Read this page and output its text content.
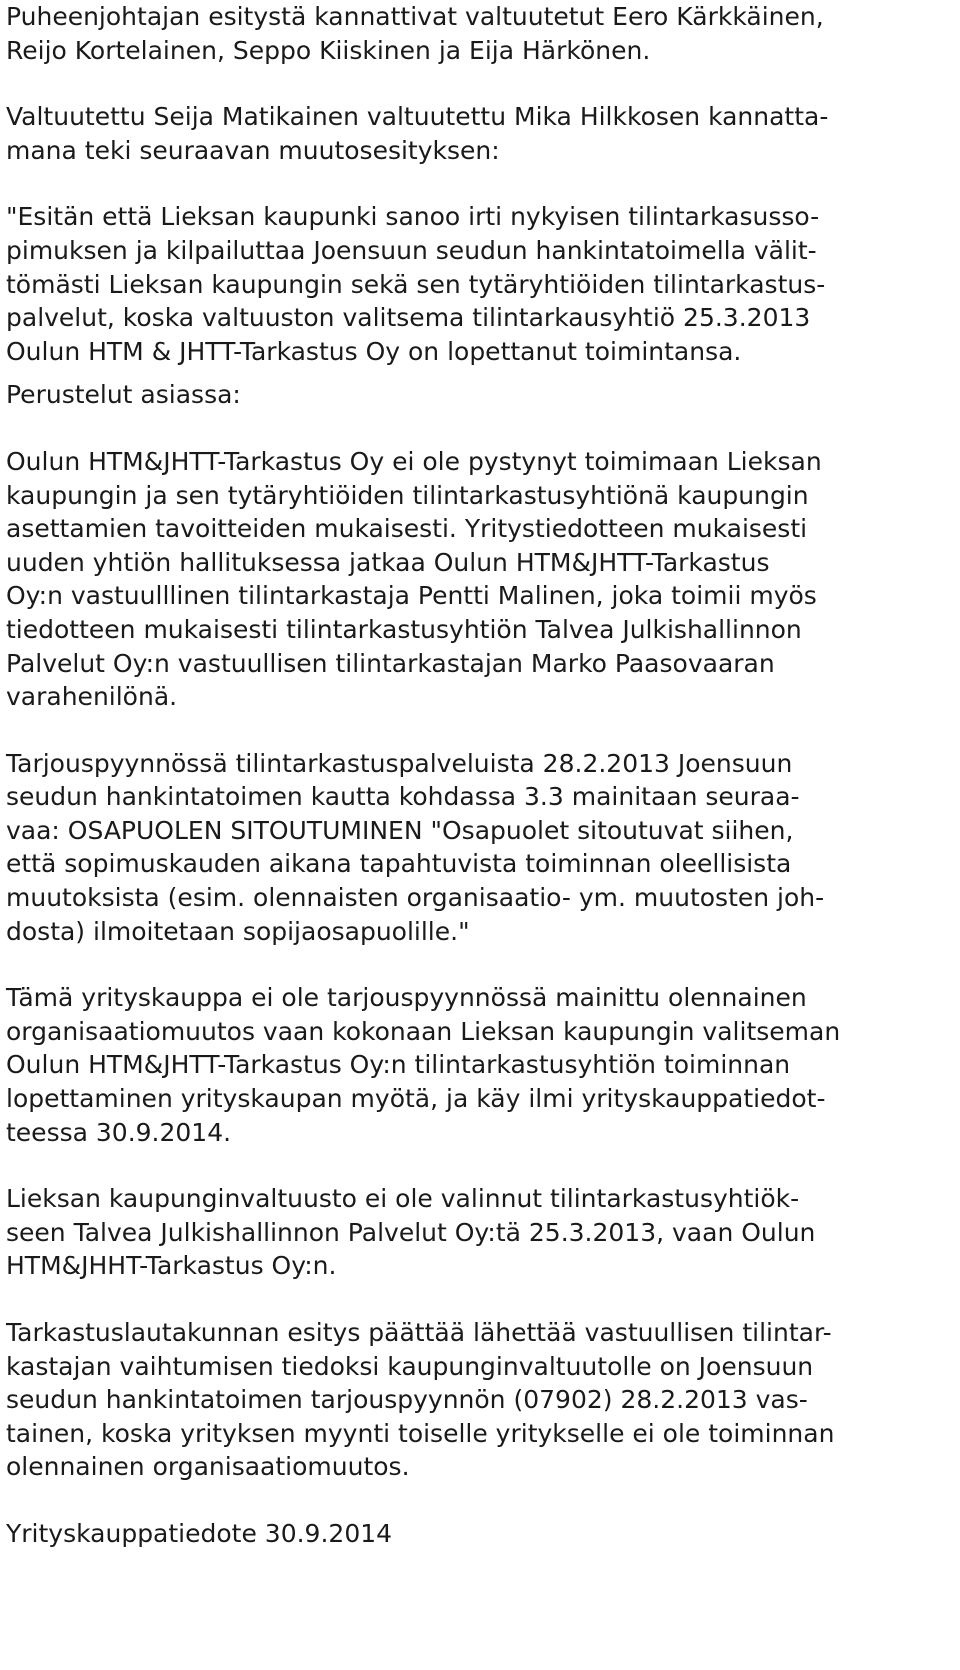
Puheenjohtajan esitystä kannattivat valtuutetut Eero Kärkkäinen,
Reijo Kortelainen, Seppo Kiiskinen ja Eija Härkönen.
Valtuutettu Seija Matikainen valtuutettu Mika Hilkkosen kannatta-
mana teki seuraavan muutosesityksen:
"Esitän että Lieksan kaupunki sanoo irti nykyisen tilintarkasusso-
pimuksen ja kilpailuttaa Joensuun seudun hankintatoimella välit-
tömästi Lieksan kaupungin sekä sen tytäryhtiöiden tilintarkastus-
palvelut, koska valtuuston valitsema tilintarkausyhtiö 25.3.2013
Oulun HTM & JHTT-Tarkastus Oy on lopettanut toimintansa.
Perustelut asiassa:
Oulun HTM&JHTT-Tarkastus Oy ei ole pystynyt toimimaan Lieksan
kaupungin ja sen tytäryhtiöiden tilintarkastusyhtiönä kaupungin
asettamien tavoitteiden mukaisesti. Yritystiedotteen mukaisesti
uuden yhtiön hallituksessa jatkaa Oulun HTM&JHTT-Tarkastus
Oy:n vastuulllinen tilintarkastaja Pentti Malinen, joka toimii myös
tiedotteen mukaisesti tilintarkastusyhtiön Talvea Julkishallinnon
Palvelut Oy:n vastuullisen tilintarkastajan Marko Paasovaaran
varahenilönä.
Tarjouspyynnössä tilintarkastuspalveluista 28.2.2013 Joensuun
seudun hankintatoimen kautta kohdassa 3.3 mainitaan seuraa-
vaa: OSAPUOLEN SITOUTUMINEN "Osapuolet sitoutuvat siihen,
että sopimuskauden aikana tapahtuvista toiminnan oleellisista
muutoksista (esim. olennaisten organisaatio- ym. muutosten joh-
dosta) ilmoitetaan sopijaosapuolille."
Tämä yrityskauppa ei ole tarjouspyynnössä mainittu olennainen
organisaatiomuutos vaan kokonaan Lieksan kaupungin valitseman
Oulun HTM&JHTT-Tarkastus Oy:n tilintarkastusyhtiön toiminnan
lopettaminen yrityskaupan myötä, ja käy ilmi yrityskauppatiedot-
teessa 30.9.2014.
Lieksan kaupunginvaltuusto ei ole valinnut tilintarkastusyhtiök-
seen Talvea Julkishallinnon Palvelut Oy:tä 25.3.2013, vaan Oulun
HTM&JHHT-Tarkastus Oy:n.
Tarkastuslautakunnan esitys päättää lähettää vastuullisen tilintar-
kastajan vaihtumisen tiedoksi kaupunginvaltuutolle on Joensuun
seudun hankintatoimen tarjouspyynnön (07902) 28.2.2013 vas-
tainen, koska yrityksen myynti toiselle yritykselle ei ole toiminnan
olennainen organisaatiomuutos.
Yrityskauppatiedote 30.9.2014
